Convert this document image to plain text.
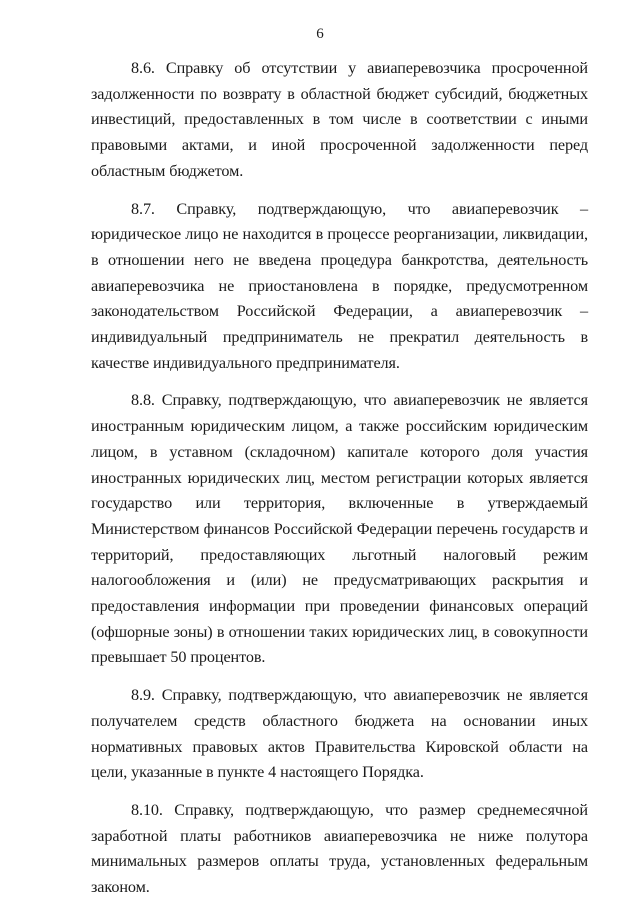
6

8.6. Справку об отсутствии у авиаперевозчика просроченной задолженности по возврату в областной бюджет субсидий, бюджетных инвестиций, предоставленных в том числе в соответствии с иными правовыми актами, и иной просроченной задолженности перед областным бюджетом.

8.7. Справку, подтверждающую, что авиаперевозчик – юридическое лицо не находится в процессе реорганизации, ликвидации, в отношении него не введена процедура банкротства, деятельность авиаперевозчика не приостановлена в порядке, предусмотренном законодательством Российской Федерации, а авиаперевозчик – индивидуальный предприниматель не прекратил деятельность в качестве индивидуального предпринимателя.

8.8. Справку, подтверждающую, что авиаперевозчик не является иностранным юридическим лицом, а также российским юридическим лицом, в уставном (складочном) капитале которого доля участия иностранных юридических лиц, местом регистрации которых является государство или территория, включенные в утверждаемый Министерством финансов Российской Федерации перечень государств и территорий, предоставляющих льготный налоговый режим налогообложения и (или) не предусматривающих раскрытия и предоставления информации при проведении финансовых операций (офшорные зоны) в отношении таких юридических лиц, в совокупности превышает 50 процентов.

8.9. Справку, подтверждающую, что авиаперевозчик не является получателем средств областного бюджета на основании иных нормативных правовых актов Правительства Кировской области на цели, указанные в пункте 4 настоящего Порядка.

8.10. Справку, подтверждающую, что размер среднемесячной заработной платы работников авиаперевозчика не ниже полутора минимальных размеров оплаты труда, установленных федеральным законом.
